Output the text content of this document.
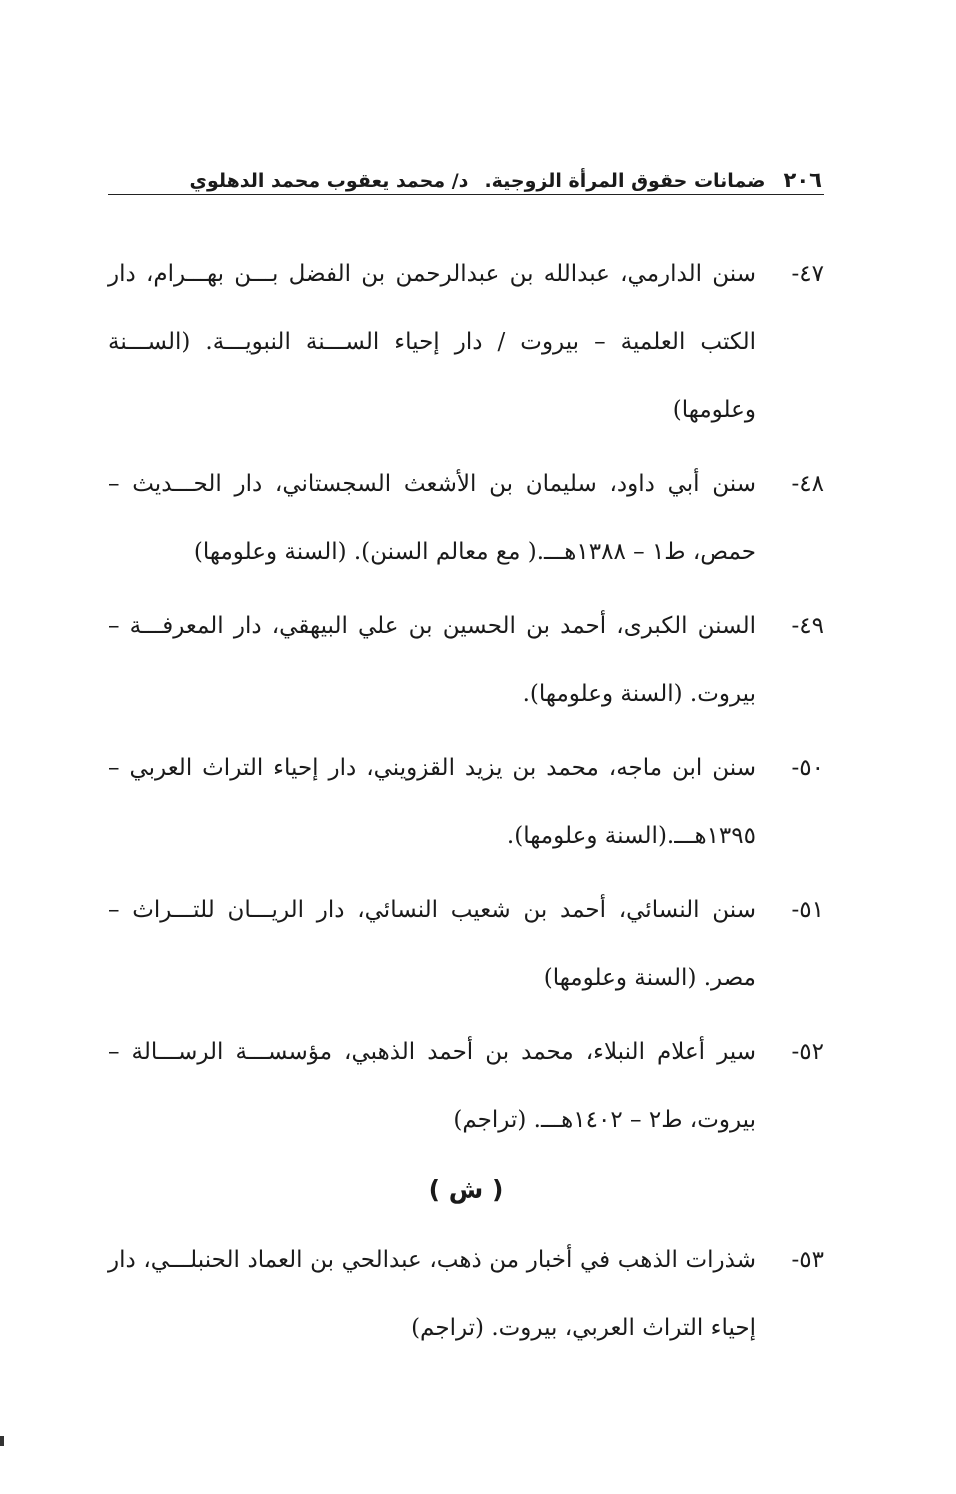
٢٠٦
ضمانات حقوق المرأة الزوجية.
د/ محمد يعقوب محمد الدهلوي
٤٧-
سنن الدارمي، عبدالله بن عبدالرحمن بن الفضل بـــن بهـــرام، دار الكتب العلمية – بيروت / دار إحياء الســـنة النبويـــة. (الســـنة وعلومها)
٤٨-
سنن أبي داود، سليمان بن الأشعث السجستاني، دار الحـــديث – حمص، ط١ – ١٣٨٨هـــ.( مع معالم السنن). (السنة وعلومها)
٤٩-
السنن الكبرى، أحمد بن الحسين بن علي البيهقي، دار المعرفـــة – بيروت. (السنة وعلومها).
٥٠-
سنن ابن ماجه، محمد بن يزيد القزويني، دار إحياء التراث العربي – ١٣٩٥هـــ.(السنة وعلومها).
٥١-
سنن النسائي، أحمد بن شعيب النسائي، دار الريـــان للتـــراث – مصر. (السنة وعلومها)
٥٢-
سير أعلام النبلاء، محمد بن أحمد الذهبي، مؤسســـة الرســـالة – بيروت، ط٢ – ١٤٠٢هـــ. (تراجم)
( ش )
٥٣-
شذرات الذهب في أخبار من ذهب، عبدالحي بن العماد الحنبلـــي، دار إحياء التراث العربي، بيروت. (تراجم)
